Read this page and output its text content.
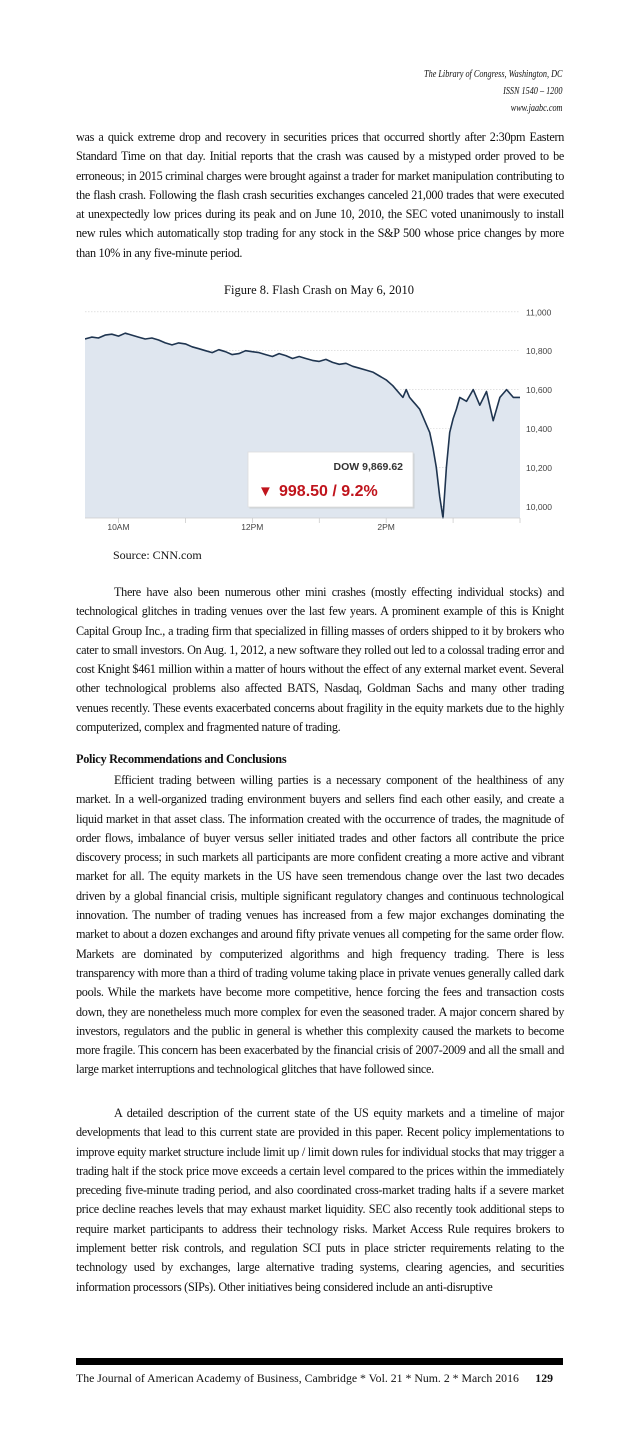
The Library of Congress, Washington, DC
ISSN 1540 – 1200
www.jaabc.com
was a quick extreme drop and recovery in securities prices that occurred shortly after 2:30pm Eastern Standard Time on that day. Initial reports that the crash was caused by a mistyped order proved to be erroneous; in 2015 criminal charges were brought against a trader for market manipulation contributing to the flash crash. Following the flash crash securities exchanges canceled 21,000 trades that were executed at unexpectedly low prices during its peak and on June 10, 2010, the SEC voted unanimously to install new rules which automatically stop trading for any stock in the S&P 500 whose price changes by more than 10% in any five-minute period.
Figure 8. Flash Crash on May 6, 2010
11,000
10,800
10,600
10,400
10,200
10,000
10AM	12PM	2PM
DOW 9,869.62
▼ 998.50 / 9.2%
Source: CNN.com
There have also been numerous other mini crashes (mostly effecting individual stocks) and technological glitches in trading venues over the last few years. A prominent example of this is Knight Capital Group Inc., a trading firm that specialized in filling masses of orders shipped to it by brokers who cater to small investors. On Aug. 1, 2012, a new software they rolled out led to a colossal trading error and cost Knight $461 million within a matter of hours without the effect of any external market event. Several other technological problems also affected BATS, Nasdaq, Goldman Sachs and many other trading venues recently. These events exacerbated concerns about fragility in the equity markets due to the highly computerized, complex and fragmented nature of trading.
Policy Recommendations and Conclusions
Efficient trading between willing parties is a necessary component of the healthiness of any market. In a well-organized trading environment buyers and sellers find each other easily, and create a liquid market in that asset class. The information created with the occurrence of trades, the magnitude of order flows, imbalance of buyer versus seller initiated trades and other factors all contribute the price discovery process; in such markets all participants are more confident creating a more active and vibrant market for all. The equity markets in the US have seen tremendous change over the last two decades driven by a global financial crisis, multiple significant regulatory changes and continuous technological innovation. The number of trading venues has increased from a few major exchanges dominating the market to about a dozen exchanges and around fifty private venues all competing for the same order flow. Markets are dominated by computerized algorithms and high frequency trading. There is less transparency with more than a third of trading volume taking place in private venues generally called dark pools. While the markets have become more competitive, hence forcing the fees and transaction costs down, they are nonetheless much more complex for even the seasoned trader. A major concern shared by investors, regulators and the public in general is whether this complexity caused the markets to become more fragile. This concern has been exacerbated by the financial crisis of 2007-2009 and all the small and large market interruptions and technological glitches that have followed since.
A detailed description of the current state of the US equity markets and a timeline of major developments that lead to this current state are provided in this paper. Recent policy implementations to improve equity market structure include limit up / limit down rules for individual stocks that may trigger a trading halt if the stock price move exceeds a certain level compared to the prices within the immediately preceding five-minute trading period, and also coordinated cross-market trading halts if a severe market price decline reaches levels that may exhaust market liquidity. SEC also recently took additional steps to require market participants to address their technology risks. Market Access Rule requires brokers to implement better risk controls, and regulation SCI puts in place stricter requirements relating to the technology used by exchanges, large alternative trading systems, clearing agencies, and securities information processors (SIPs). Other initiatives being considered include an anti-disruptive
The Journal of American Academy of Business, Cambridge * Vol. 21 * Num. 2 * March 2016 129
